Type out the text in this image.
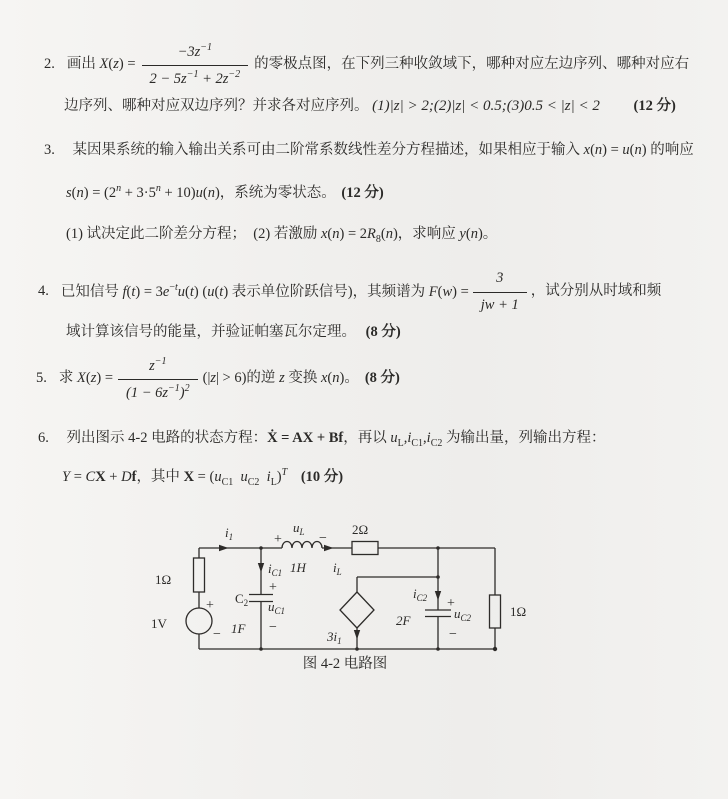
2. 画出 $X(z) = \frac{-3z^{-1}}{2 - 5z^{-1} + 2z^{-2}}$ 的零极点图，在下列三种收敛域下，哪种对应左边序列、哪种对应右
边序列、哪种对应双边序列？并求各对应序列。 (1)|z| > 2;(2)|z| < 0.5;(3)0.5 < |z| < 2 (12 分)
3. 某因果系统的输入输出关系可由二阶常系数线性差分方程描述，如果相应于输入 x(n) = u(n) 的响应
$s(n) = (2^n + 3\cdot 5^n + 10)u(n)$，系统为零状态。 (12 分)
(1) 试决定此二阶差分方程；  (2) 若激励 $x(n) = 2R_8(n)$，求响应 y(n)。
4. 已知信号 $f(t) = 3e^{-t}u(t)$ (u(t) 表示单位阶跃信号)，其频谱为 $F(w) = \frac{3}{jw + 1}$ ，试分别从时域和频
域计算该信号的能量，并验证帕塞瓦尔定理。 (8 分)
5. 求 $X(z) = \frac{z^{-1}}{(1 - 6z^{-1})^2} (|z| > 6)$的逆 z 变换 x(n)。 (8 分)
6. 列出图示 4-2 电路的状态方程：Ẋ = AX + Bf，再以 $u_L,i_{C1},i_{C2}$ 为输出量，列输出方程：
Y = CX + Df，其中 $X = (u_{C1}$  $u_{C2}$  $i_L)^T$ (10 分)
$i_1$
1Ω
+
−
1V
$C_2$
1F
$i_{C1}$
+
$u_{C1}$
−
+
$u_L$ −
1H $i_L$
2Ω
$3i_1$
$i_{C2}$
2F
+
$u_{C2}$
−
1Ω
图 4-2 电路图
